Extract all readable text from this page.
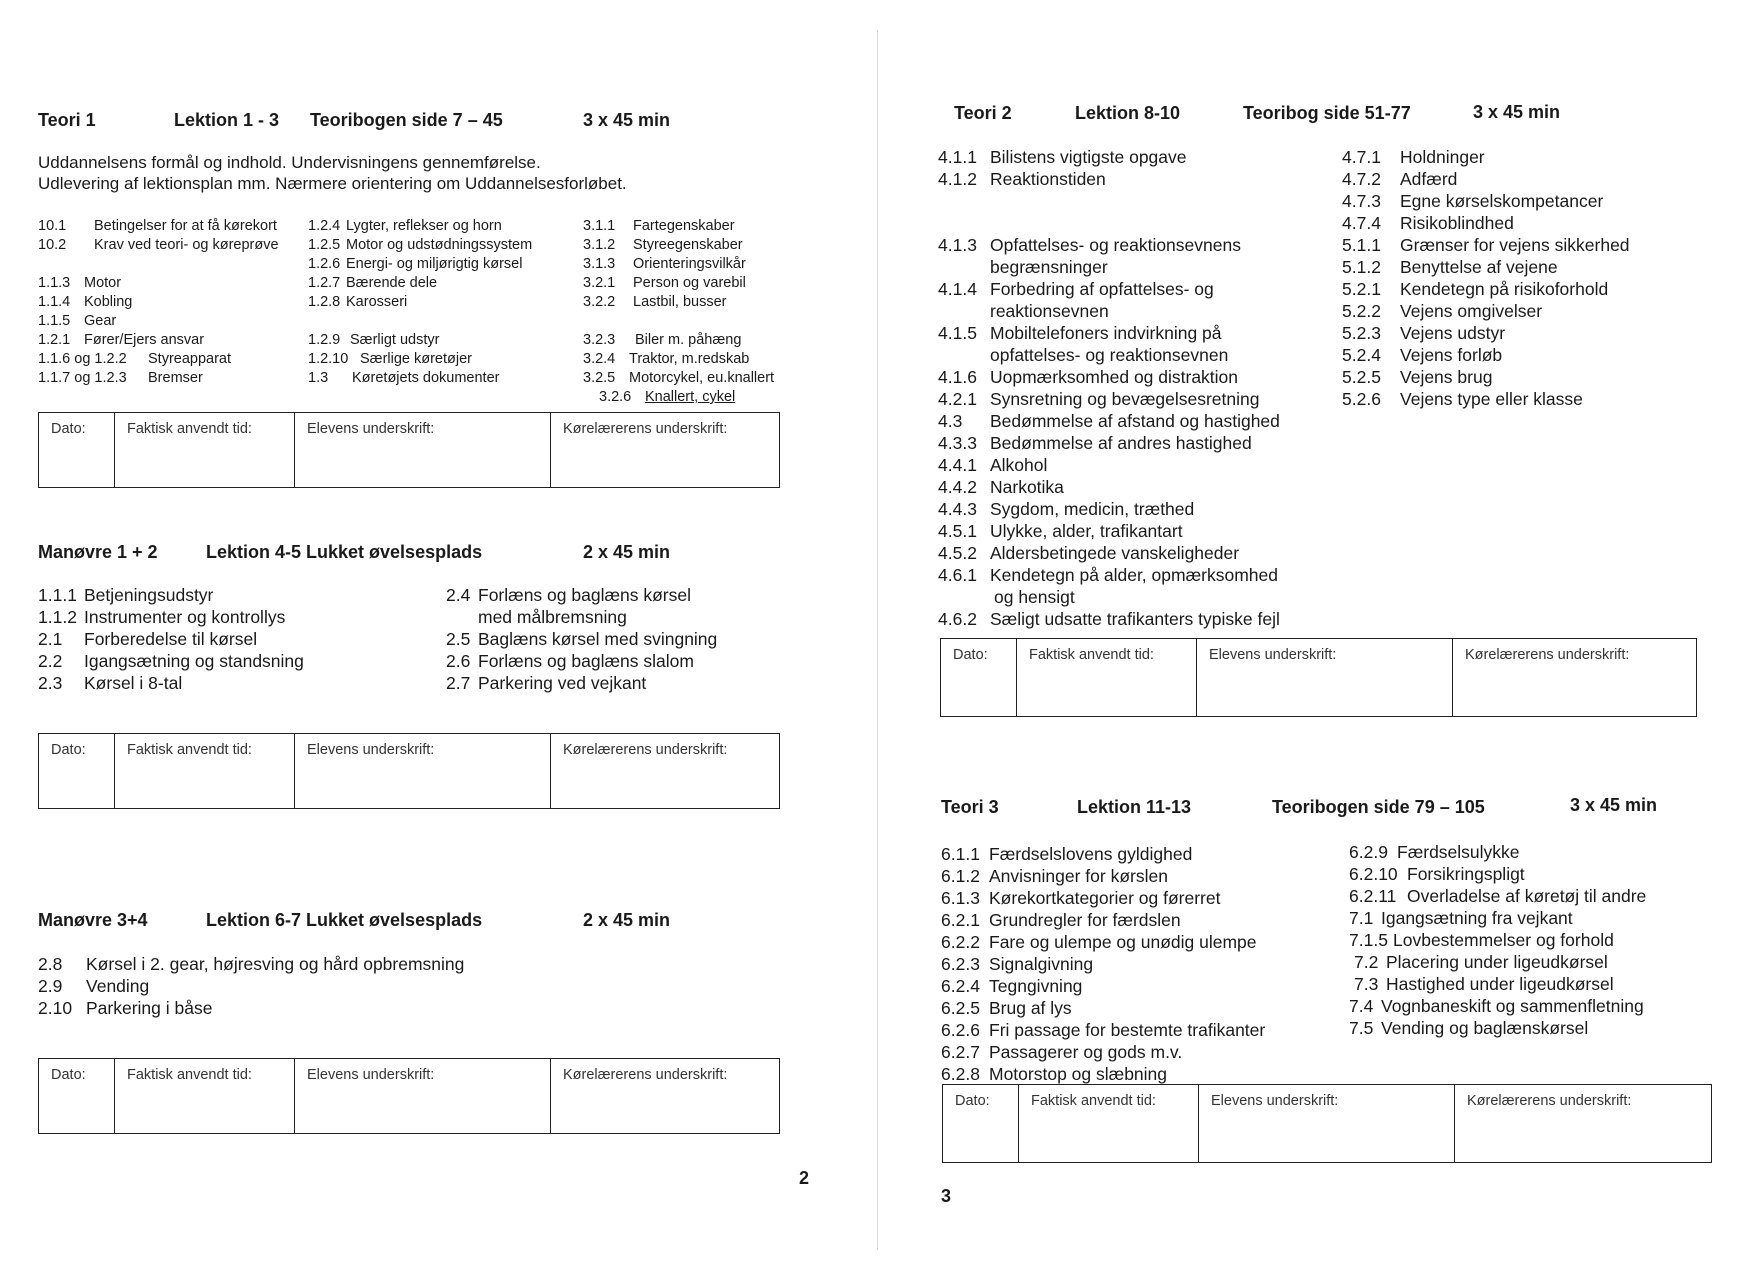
Teori 1	Lektion 1 - 3 Teoribogen side 7 – 45	3 x 45 min
Uddannelsens formål og indhold. Undervisningens gennemførelse.
Udlevering af lektionsplan mm. Nærmere orientering om Uddannelsesforløbet.
10.1 Betingelser for at få kørekort
10.2 Krav ved teori- og køreprøve

1.1.3 Motor
1.1.4 Kobling
1.1.5 Gear
1.2.1 Fører/Ejers ansvar
1.1.6 og 1.2.2 Styreapparat
1.1.7 og 1.2.3 Bremser
1.2.4 Lygter, reflekser og horn
1.2.5 Motor og udstødningssystem
1.2.6 Energi- og miljørigtig kørsel
1.2.7 Bærende dele
1.2.8 Karosseri

1.2.9 Særligt udstyr
1.2.10 Særlige køretøjer
1.3 Køretøjets dokumenter
3.1.1 Fartegenskaber
3.1.2 Styreegenskaber
3.1.3 Orienteringsvilkår
3.2.1 Person og varebil
3.2.2 Lastbil, busser

3.2.3 Biler m. påhæng
3.2.4 Traktor, m.redskab
3.2.5 Motorcykel, eu.knallert
3.2.6 Knallert, cykel
Dato:	Faktisk anvendt tid:	Elevens underskrift:	Kørelærerens underskrift:
Manøvre 1 + 2	Lektion 4-5 Lukket øvelsesplads	2 x 45 min
1.1.1 Betjeningsudstyr
1.1.2 Instrumenter og kontrollys
2.1 Forberedelse til kørsel
2.2 Igangsætning og standsning
2.3 Kørsel i 8-tal
2.4 Forlæns og baglæns kørsel
med målbremsning
2.5 Baglæns kørsel med svingning
2.6 Forlæns og baglæns slalom
2.7 Parkering ved vejkant
Dato:	Faktisk anvendt tid:	Elevens underskrift:	Kørelærerens underskrift:
Manøvre 3+4	Lektion 6-7 Lukket øvelsesplads	2 x 45 min
2.8 Kørsel i 2. gear, højresving og hård opbremsning
2.9 Vending
2.10 Parkering i båse
Dato:	Faktisk anvendt tid:	Elevens underskrift:	Kørelærerens underskrift:
2
Teori 2	Lektion 8-10	Teoribog side 51-77	3 x 45 min
4.1.1 Bilistens vigtigste opgave
4.1.2 Reaktionstiden

4.1.3 Opfattelses- og reaktionsevnens
begrænsninger
4.1.4 Forbedring af opfattelses- og
reaktionsevnen
4.1.5 Mobiltelefoners indvirkning på
opfattelses- og reaktionsevnen
4.1.6 Uopmærksomhed og distraktion
4.2.1 Synsretning og bevægelsesretning
4.3 Bedømmelse af afstand og hastighed
4.3.3 Bedømmelse af andres hastighed
4.4.1 Alkohol
4.4.2 Narkotika
4.4.3 Sygdom, medicin, træthed
4.5.1 Ulykke, alder, trafikantart
4.5.2 Aldersbetingede vanskeligheder
4.6.1 Kendetegn på alder, opmærksomhed
og hensigt
4.6.2 Sæligt udsatte trafikanters typiske fejl
4.7.1 Holdninger
4.7.2 Adfærd
4.7.3 Egne kørselskompetancer
4.7.4 Risikoblindhed
5.1.1 Grænser for vejens sikkerhed
5.1.2 Benyttelse af vejene
5.2.1 Kendetegn på risikoforhold
5.2.2 Vejens omgivelser
5.2.3 Vejens udstyr
5.2.4 Vejens forløb
5.2.5 Vejens brug
5.2.6 Vejens type eller klasse
Dato:	Faktisk anvendt tid:	Elevens underskrift:	Kørelærerens underskrift:
Teori 3	Lektion 11-13	Teoribogen side 79 – 105	3 x 45 min
6.1.1 Færdselslovens gyldighed
6.1.2 Anvisninger for kørslen
6.1.3 Kørekortkategorier og førerret
6.2.1 Grundregler for færdslen
6.2.2 Fare og ulempe og unødig ulempe
6.2.3 Signalgivning
6.2.4 Tegngivning
6.2.5 Brug af lys
6.2.6 Fri passage for bestemte trafikanter
6.2.7 Passagerer og gods m.v.
6.2.8 Motorstop og slæbning
6.2.9 Færdselsulykke
6.2.10 Forsikringspligt
6.2.11 Overladelse af køretøj til andre
7.1 Igangsætning fra vejkant
7.1.5 Lovbestemmelser og forhold
7.2 Placering under ligeudkørsel
7.3 Hastighed under ligeudkørsel
7.4 Vognbaneskift og sammenfletning
7.5 Vending og baglænskørsel
Dato:	Faktisk anvendt tid:	Elevens underskrift:	Kørelærerens underskrift:
3
